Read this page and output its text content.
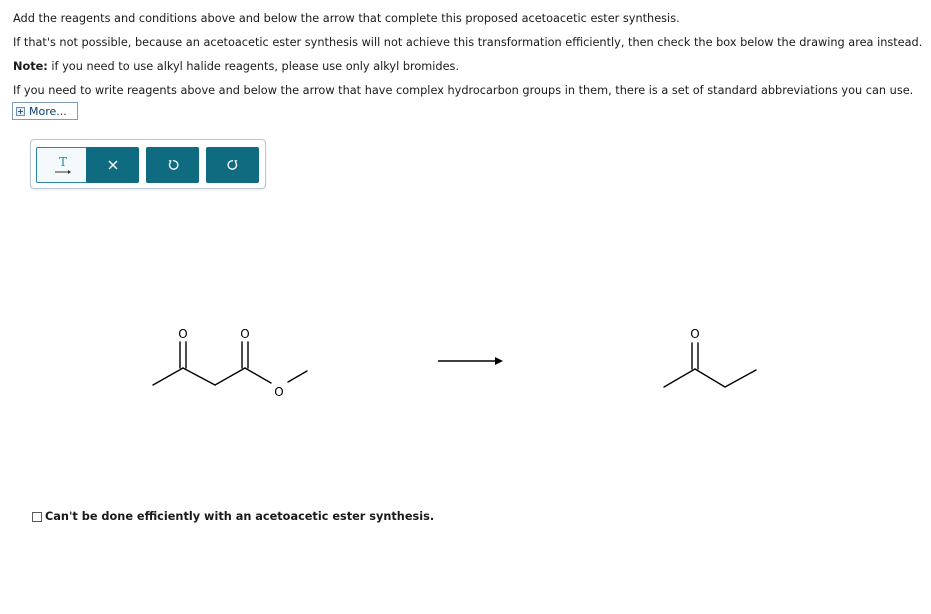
Add the reagents and conditions above and below the arrow that complete this proposed acetoacetic ester synthesis.
If that's not possible, because an acetoacetic ester synthesis will not achieve this transformation efficiently, then check the box below the drawing area instead.
Note: if you need to use alkyl halide reagents, please use only alkyl bromides.
If you need to write reagents above and below the arrow that have complex hydrocarbon groups in them, there is a set of standard abbreviations you can use.
More...
T
O	O
O
O
Can't be done efficiently with an acetoacetic ester synthesis.
